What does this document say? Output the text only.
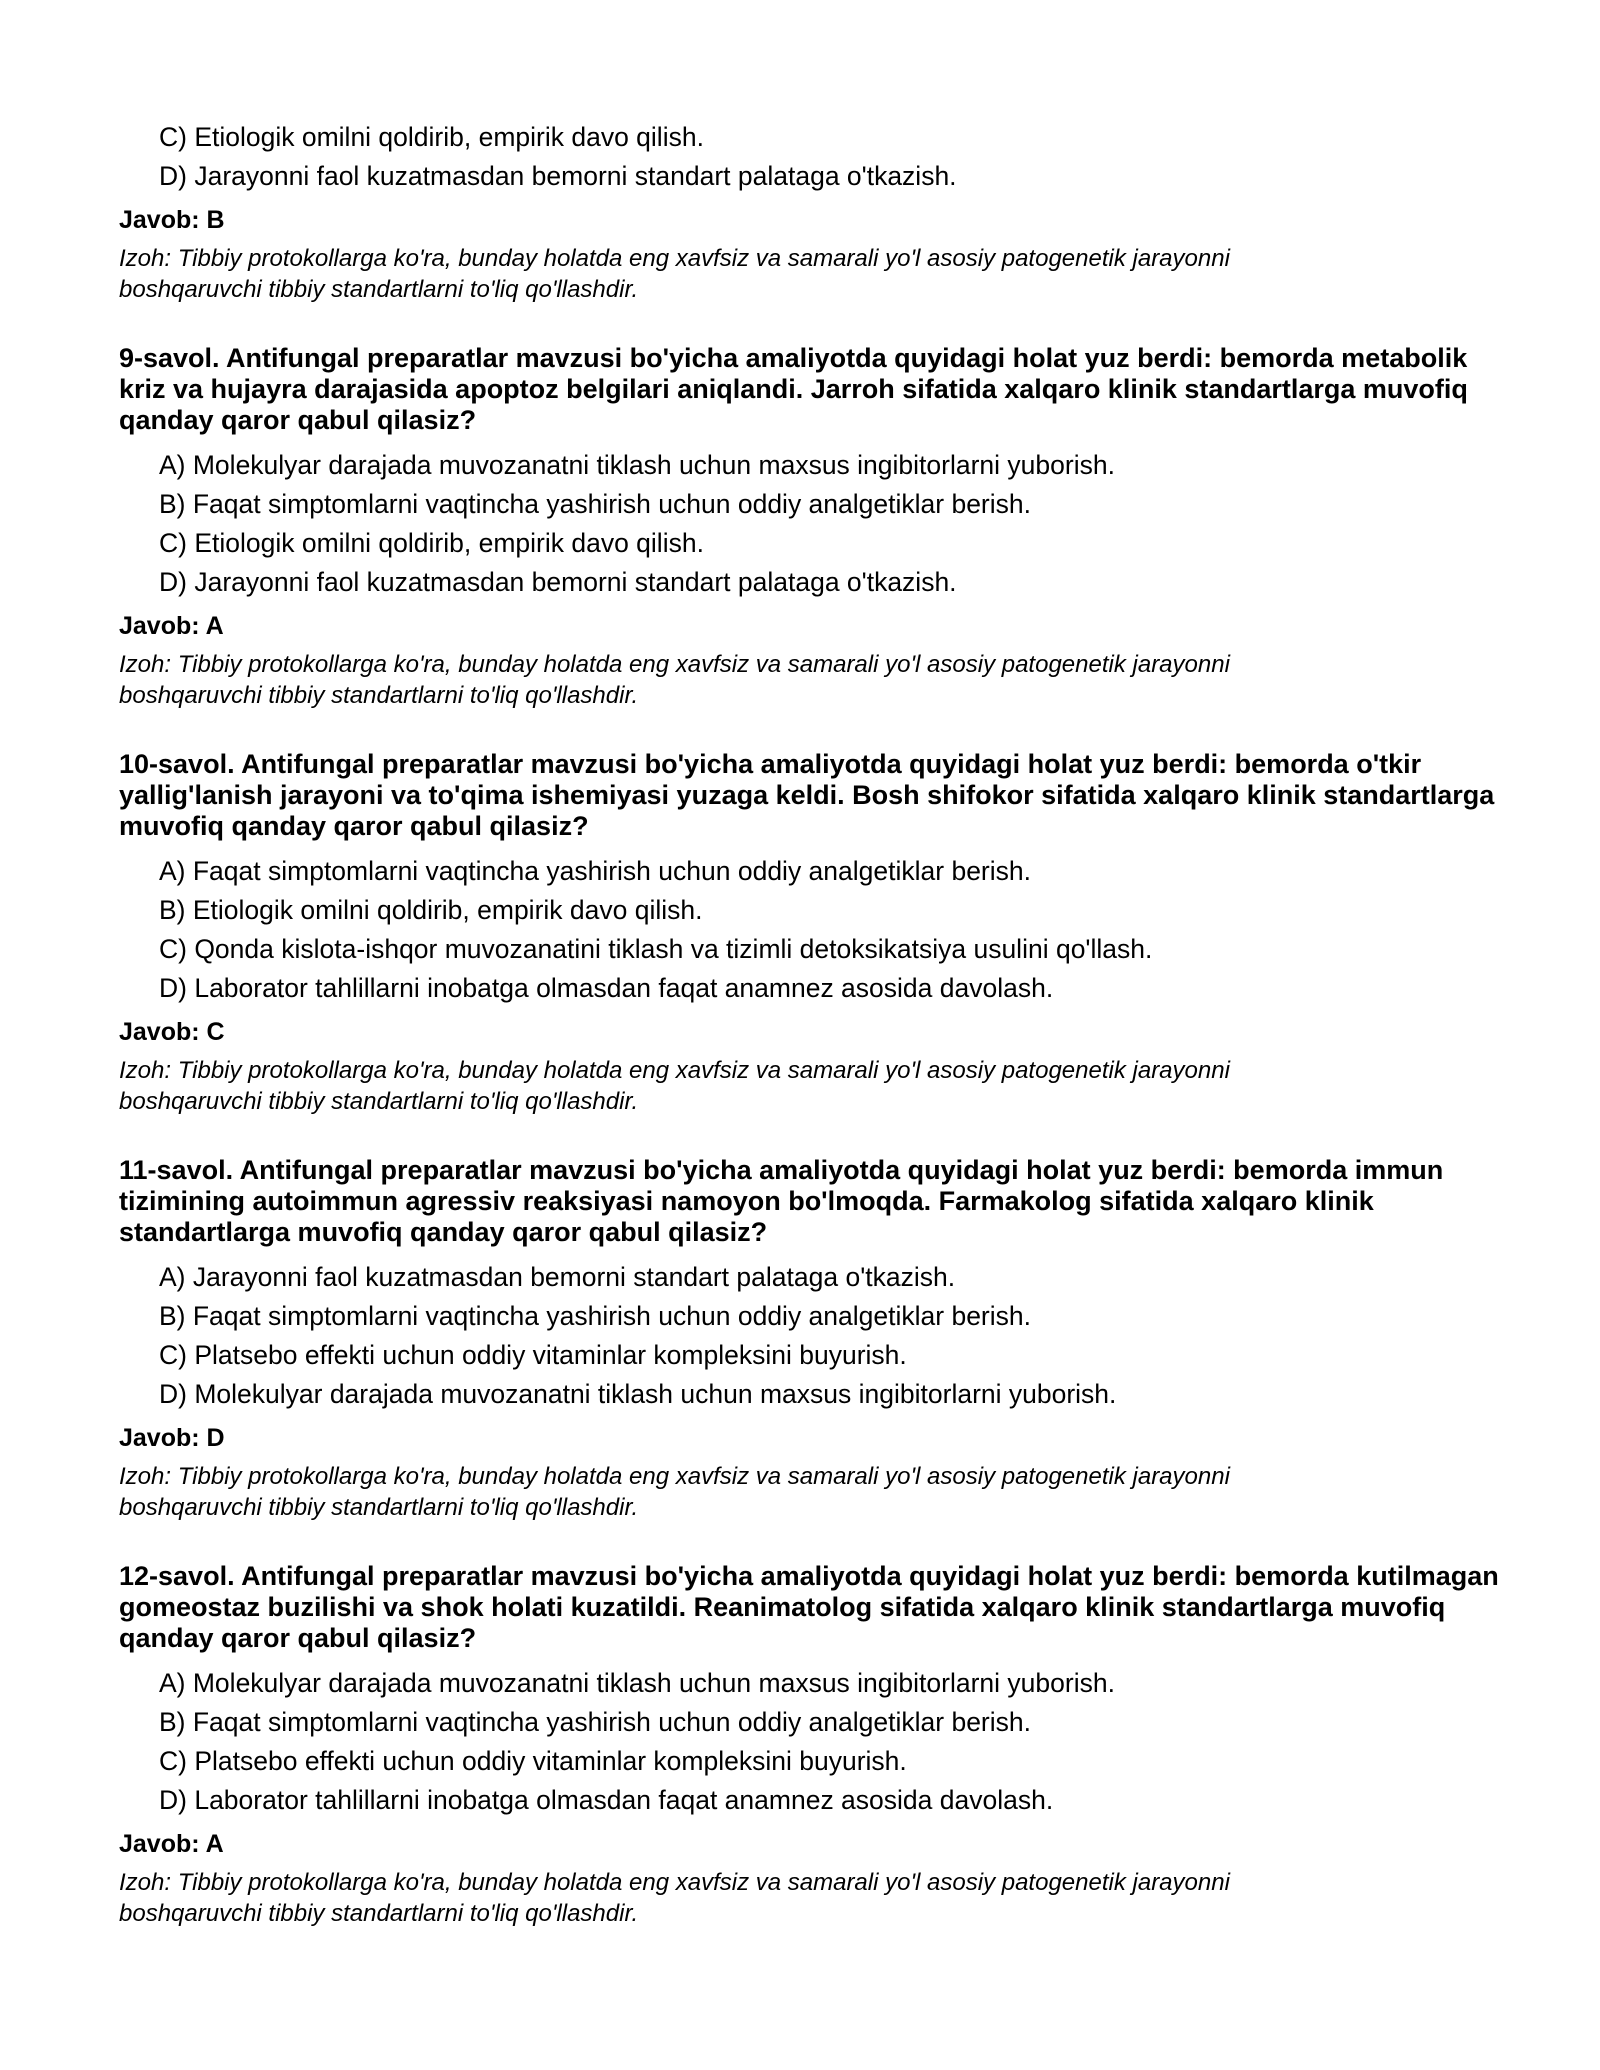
C) Etiologik omilni qoldirib, empirik davo qilish.
D) Jarayonni faol kuzatmasdan bemorni standart palataga o'tkazish.
Javob: B
Izoh: Tibbiy protokollarga ko'ra, bunday holatda eng xavfsiz va samarali yo'l asosiy patogenetik jarayonni boshqaruvchi tibbiy standartlarni to'liq qo'llashdir.
9-savol. Antifungal preparatlar mavzusi bo'yicha amaliyotda quyidagi holat yuz berdi: bemorda metabolik kriz va hujayra darajasida apoptoz belgilari aniqlandi. Jarroh sifatida xalqaro klinik standartlarga muvofiq qanday qaror qabul qilasiz?
A) Molekulyar darajada muvozanatni tiklash uchun maxsus ingibitorlarni yuborish.
B) Faqat simptomlarni vaqtincha yashirish uchun oddiy analgetiklar berish.
C) Etiologik omilni qoldirib, empirik davo qilish.
D) Jarayonni faol kuzatmasdan bemorni standart palataga o'tkazish.
Javob: A
Izoh: Tibbiy protokollarga ko'ra, bunday holatda eng xavfsiz va samarali yo'l asosiy patogenetik jarayonni boshqaruvchi tibbiy standartlarni to'liq qo'llashdir.
10-savol. Antifungal preparatlar mavzusi bo'yicha amaliyotda quyidagi holat yuz berdi: bemorda o'tkir yallig'lanish jarayoni va to'qima ishemiyasi yuzaga keldi. Bosh shifokor sifatida xalqaro klinik standartlarga muvofiq qanday qaror qabul qilasiz?
A) Faqat simptomlarni vaqtincha yashirish uchun oddiy analgetiklar berish.
B) Etiologik omilni qoldirib, empirik davo qilish.
C) Qonda kislota-ishqor muvozanatini tiklash va tizimli detoksikatsiya usulini qo'llash.
D) Laborator tahlillarni inobatga olmasdan faqat anamnez asosida davolash.
Javob: C
Izoh: Tibbiy protokollarga ko'ra, bunday holatda eng xavfsiz va samarali yo'l asosiy patogenetik jarayonni boshqaruvchi tibbiy standartlarni to'liq qo'llashdir.
11-savol. Antifungal preparatlar mavzusi bo'yicha amaliyotda quyidagi holat yuz berdi: bemorda immun tizimining autoimmun agressiv reaksiyasi namoyon bo'lmoqda. Farmakolog sifatida xalqaro klinik standartlarga muvofiq qanday qaror qabul qilasiz?
A) Jarayonni faol kuzatmasdan bemorni standart palataga o'tkazish.
B) Faqat simptomlarni vaqtincha yashirish uchun oddiy analgetiklar berish.
C) Platsebo effekti uchun oddiy vitaminlar kompleksini buyurish.
D) Molekulyar darajada muvozanatni tiklash uchun maxsus ingibitorlarni yuborish.
Javob: D
Izoh: Tibbiy protokollarga ko'ra, bunday holatda eng xavfsiz va samarali yo'l asosiy patogenetik jarayonni boshqaruvchi tibbiy standartlarni to'liq qo'llashdir.
12-savol. Antifungal preparatlar mavzusi bo'yicha amaliyotda quyidagi holat yuz berdi: bemorda kutilmagan gomeostaz buzilishi va shok holati kuzatildi. Reanimatolog sifatida xalqaro klinik standartlarga muvofiq qanday qaror qabul qilasiz?
A) Molekulyar darajada muvozanatni tiklash uchun maxsus ingibitorlarni yuborish.
B) Faqat simptomlarni vaqtincha yashirish uchun oddiy analgetiklar berish.
C) Platsebo effekti uchun oddiy vitaminlar kompleksini buyurish.
D) Laborator tahlillarni inobatga olmasdan faqat anamnez asosida davolash.
Javob: A
Izoh: Tibbiy protokollarga ko'ra, bunday holatda eng xavfsiz va samarali yo'l asosiy patogenetik jarayonni boshqaruvchi tibbiy standartlarni to'liq qo'llashdir.
